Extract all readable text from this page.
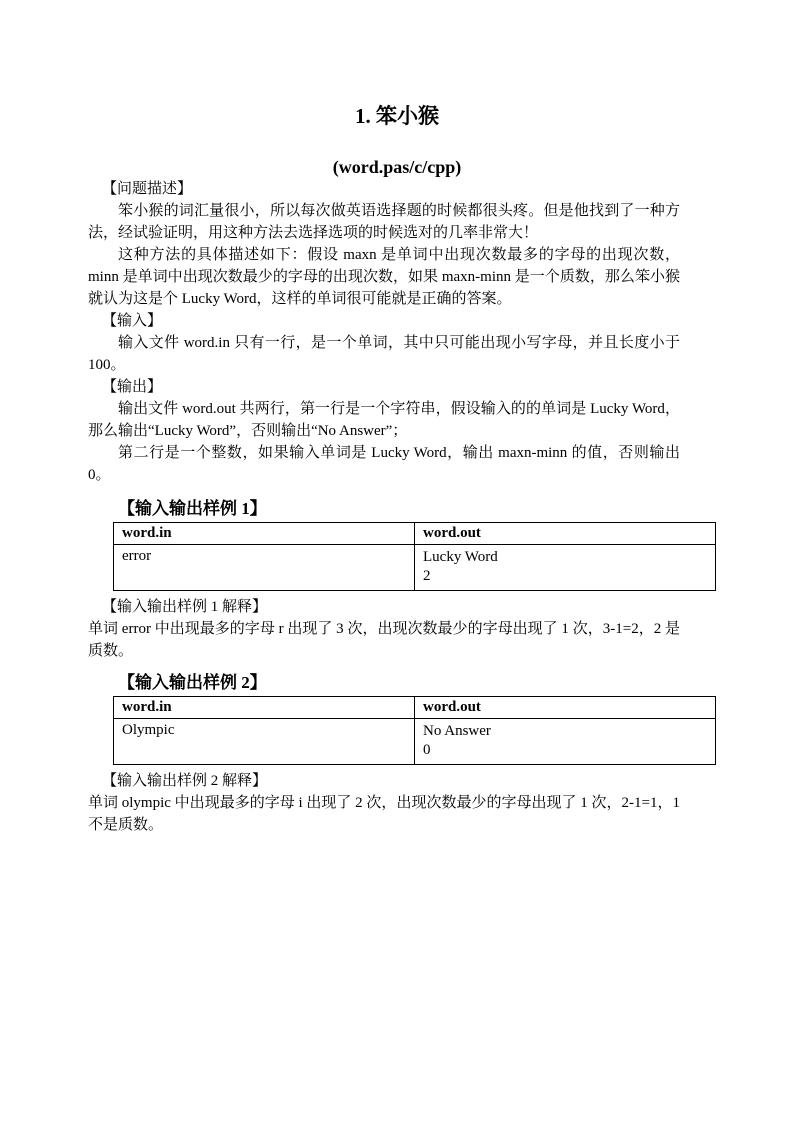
1. 笨小猴
(word.pas/c/cpp)
【问题描述】

笨小猴的词汇量很小，所以每次做英语选择题的时候都很头疼。但是他找到了一种方法，经试验证明，用这种方法去选择选项的时候选对的几率非常大！

这种方法的具体描述如下：假设 maxn 是单词中出现次数最多的字母的出现次数，minn 是单词中出现次数最少的字母的出现次数，如果 maxn-minn 是一个质数，那么笨小猴就认为这是个 Lucky Word，这样的单词很可能就是正确的答案。

【输入】

输入文件 word.in 只有一行，是一个单词，其中只可能出现小写字母，并且长度小于 100。

【输出】

输出文件 word.out 共两行，第一行是一个字符串，假设输入的的单词是 Lucky Word，那么输出“Lucky Word”，否则输出“No Answer”；

第二行是一个整数，如果输入单词是 Lucky Word，输出 maxn-minn 的值，否则输出 0。

【输入输出样例 1】
word.in	word.out
error	Lucky Word
2
【输入输出样例 1 解释】

单词 error 中出现最多的字母 r 出现了 3 次，出现次数最少的字母出现了 1 次，3-1=2，2 是质数。

【输入输出样例 2】
word.in	word.out
Olympic	No Answer
0
【输入输出样例 2 解释】

单词 olympic 中出现最多的字母 i 出现了 2 次，出现次数最少的字母出现了 1 次，2-1=1，1 不是质数。
